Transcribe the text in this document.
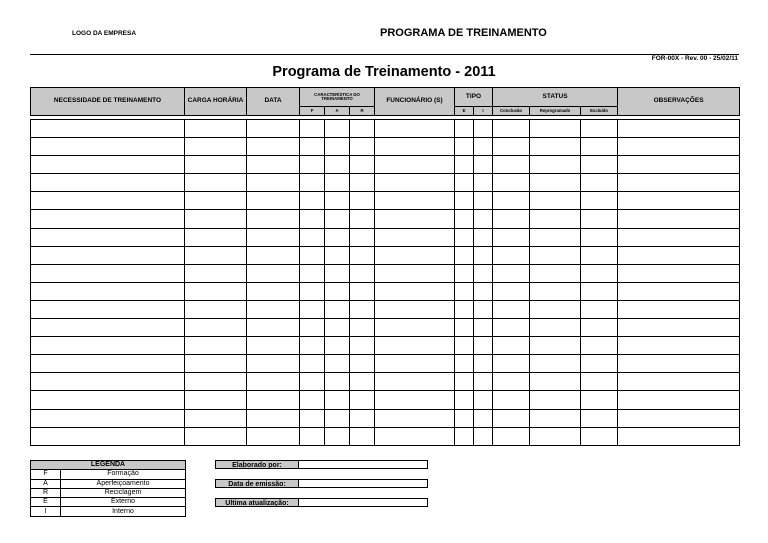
LOGO DA EMPRESA	PROGRAMA DE TREINAMENTO
FOR-00X - Rev. 00 - 25/02/11
Programa de Treinamento - 2011
NECESSIDADE DE TREINAMENTO	CARGA HORÁRIA	DATA	CARACTERÍSTICA DO TREINAMENTO			FUNCIONÁRIO (S)	TIPO		STATUS			OBSERVAÇÕES
			F	A	R		E	I	Conclusão	Reprogramado	Excluído	

LEGENDA	
F	Formação
A	Aperfeiçoamento
R	Reciclagem
E	Externo
I	Interno
Elaborado por:
Data de emissão:
Última atualização:
